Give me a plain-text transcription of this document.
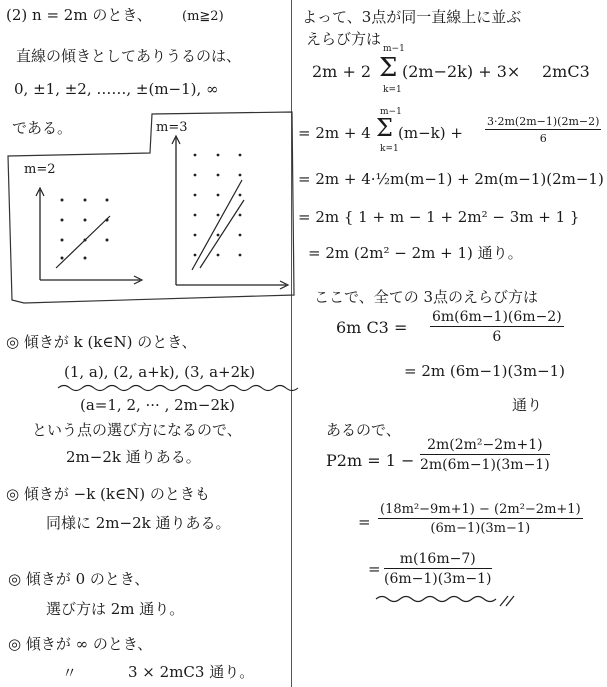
(2) n = 2m のとき、 (m≧2)
直線の傾きとしてありうるのは、
0, ±1, ±2, ……, ±(m−1), ∞
である。
m=2
m=3
◎ 傾きが k (k∈N) のとき、
(1, a), (2, a+k), (3, a+2k)
(a=1, 2, ··· , 2m−2k)
という点の選び方になるので、
2m−2k 通りある。
◎ 傾きが −k (k∈N) のときも
同様に 2m−2k 通りある。
◎ 傾きが 0 のとき、
選び方は 2m 通り。
◎ 傾きが ∞ のとき、
〃	3 × 2mC3 通り。
よって、3点が同一直線上に並ぶ
えらび方は
2m + 2 Σ
m−1
k=1
(2m−2k) + 3× 2mC3
= 2m + 4 Σ
m−1
k=1
$(m-k) + \frac{3\cdot 2m(2m-1)(2m-2)}{6}$
= 2m + 4·½m(m−1) + 2m(m−1)(2m−1)
= 2m { 1 + m − 1 + 2m² − 3m + 1 }
= 2m (2m² − 2m + 1) 通り。
ここで、全ての 3点のえらび方は
6m $C3 = \frac{6m(6m-1)(6m-2)}{6}$
= 2m (6m−1)(3m−1)
通り
あるので、
$P2m = 1 - \frac{\text{2m(2m²−2m+1)}}{2m(6m-1)(3m-1)}$
= $\frac{\text{(18m²−9m+1) − (2m²−2m+1)}}{(6m-1)(3m-1)}$
= $\frac{m(16m-7)}{(6m-1)(3m-1)}$
